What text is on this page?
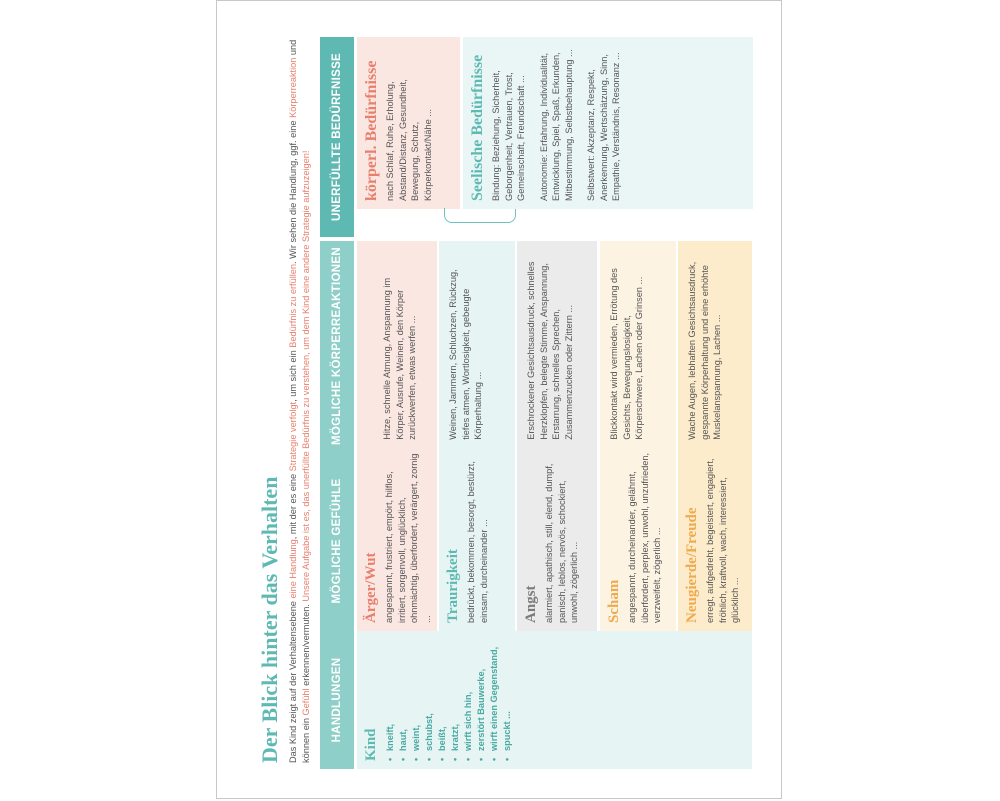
Der Blick hinter das Verhalten Das Kind zeigt auf der Verhaltensebene eine Handlung, mit der es eine Strategie verfolgt, um sich ein Bedürfnis zu erfüllen. Wir sehen die Handlung, ggf. eine Körperreaktion und können ein Gefühl erkennen/vermuten. Unsere Aufgabe ist es, das unerfüllte Bedürfnis zu verstehen, um dem Kind eine andere Strategie aufzuzeigen!
HANDLUNGEN
MÖGLICHE GEFÜHLE
MÖGLICHE KÖRPERREAKTIONEN
UNERFÜLLTE BEDÜRFNISSE
Kind • kneift, • haut, • weint, • schubst, • beißt, • kratzt, • wirft sich hin, • zerstört Bauwerke, • wirft einen Gegenstand, • spuckt ...
Ärger/Wut angespannt, frustriert, empört, hilflos, irritiert, sorgenvoll, unglücklich, ohnmächtig, überfordert, verärgert, zornig ...
Hitze, schnelle Atmung, Anspannung im Körper, Ausrufe, Weinen, den Körper zurückwerfen, etwas werfen ...
Traurigkeit bedrückt, bekommen, besorgt, bestürzt, einsam, durcheinander ...
Weinen, Jammern, Schluchzen, Rückzug, tiefes atmen, Wortlosigkeit, gebeugte Körperhaltung ...
Angst alarmiert, apathisch, still, elend, dumpf, panisch, leblos, nervös, schockiert, unwohl, zögerlich ...
Erschrockener Gesichtsausdruck, schnelles Herzklopfen, belegte Stimme, Anspannung, Erstarrung, schnelles Sprechen, Zusammenzucken oder Zittern ...
Scham angespannt, durcheinander, gelähmt, überfordert, perplex, unwohl, unzufrieden, verzweifelt, zögerlich ...
Blickkontakt wird vermieden, Errötung des Gesichts, Bewegungslosigkeit, Körperschwere, Lachen oder Grinsen ...
Neugierde/Freude erregt, aufgedreht, begeistert, engagiert, fröhlich, kraftvoll, wach, interessiert, glücklich ...
Wache Augen, lebhaften Gesichtsausdruck, gespannte Körperhaltung und eine erhöhte Muskelanspannung, Lachen ...
körperl. Bedürfnisse nach Schlaf, Ruhe, Erholung, Abstand/Distanz, Gesundheit, Bewegung, Schutz, Körperkontakt/Nähe ... Seelische Bedürfnisse Bindung: Beziehung, Sicherheit, Geborgenheit, Vertrauen, Trost, Gemeinschaft, Freundschaft ... Autonomie: Erfahrung, Individualität, Entwicklung, Spiel, Spaß, Erkunden, Mitbestimmung, Selbstbehauptung ... Selbstwert: Akzeptanz, Respekt, Anerkennung, Wertschätzung, Sinn, Empathie, Verständnis, Resonanz ...
